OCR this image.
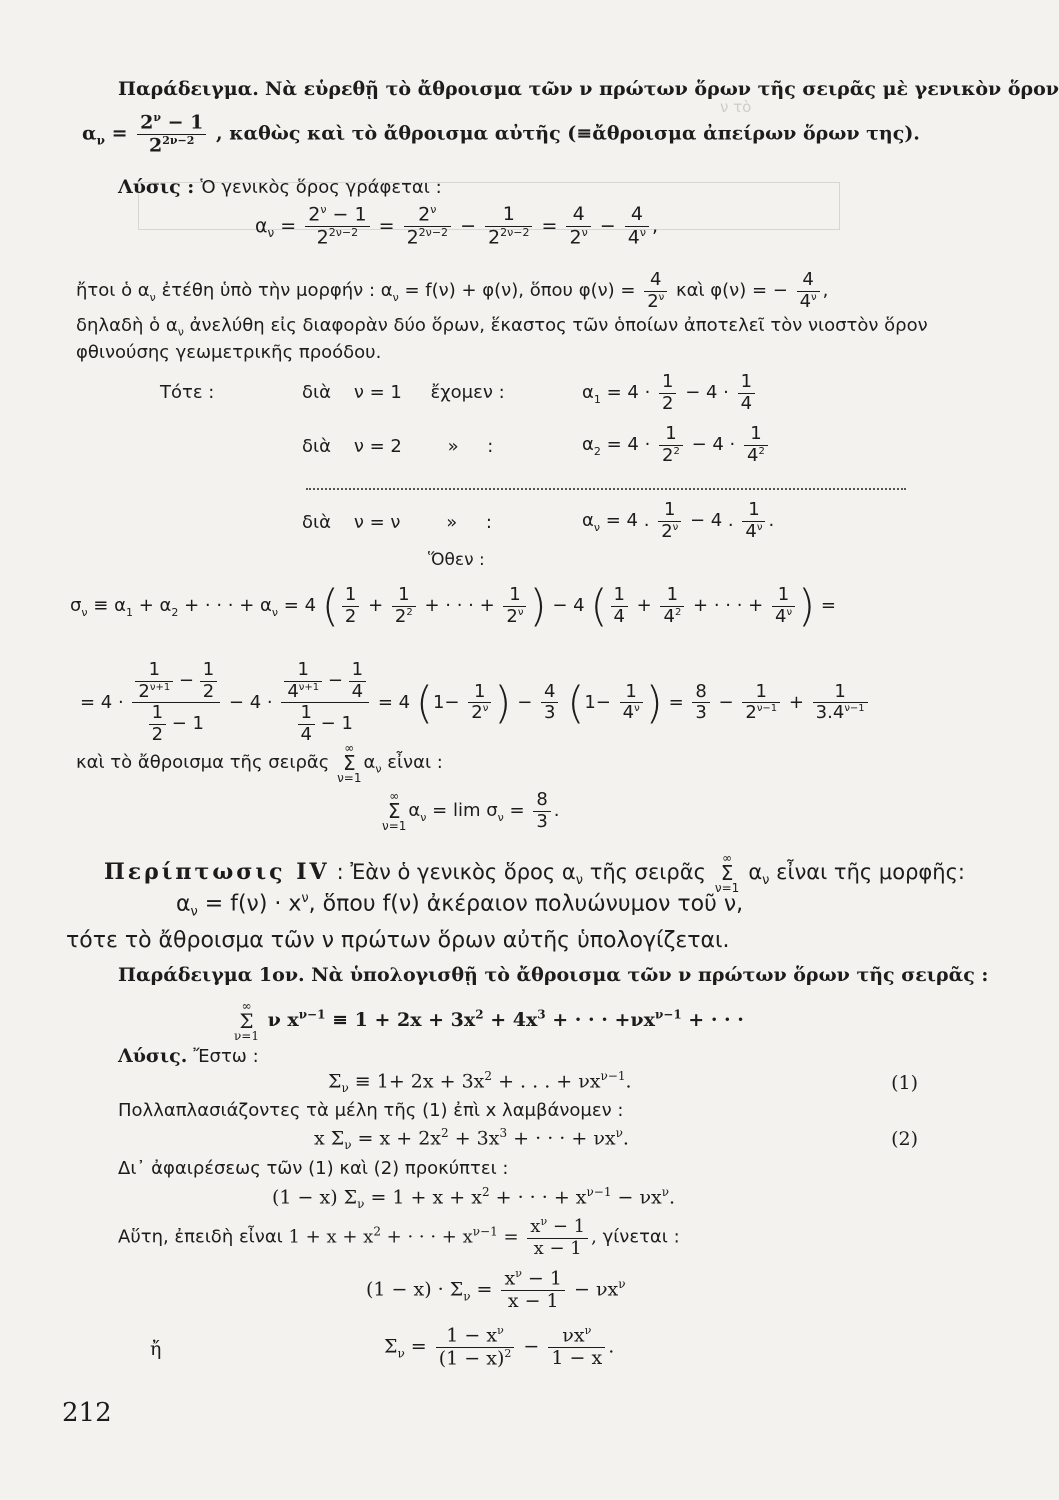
ν τὸ
Παράδειγμα. Νὰ εὑρεθῇ τὸ ἄθροισμα τῶν ν πρώτων ὅρων τῆς σειρᾶς μὲ γενικὸν ὅρον
$\alpha_\nu = \frac{2^\nu - 1}{2^{2\nu-2}}$ , καθὼς καὶ τὸ ἄθροισμα αὐτῆς (≡ἄθροισμα ἀπείρων ὅρων της).
Λύσις : Ὁ γενικὸς ὅρος γράφεται :
$\alpha_\nu = \frac{2^\nu - 1}{2^{2\nu-2}} = \frac{2^\nu}{2^{2\nu-2}} - \frac{1}{2^{2\nu-2}} = \frac{4}{2^\nu} - \frac{4}{4^\nu}$ ,
ἤτοι ὁ $\alpha_\nu$ ἐτέθη ὑπὸ τὴν μορφήν : $\alpha_\nu = f(\nu) + \varphi(\nu)$, ὅπου $\varphi(\nu) = \frac{4}{2^\nu}$ καὶ φ(ν) = − $\frac{4}{4^\nu}$ ,
δηλαδὴ ὁ $\alpha_\nu$ ἀνελύθη εἰς διαφορὰν δύο ὅρων, ἕκαστος τῶν ὁποίων ἀποτελεῖ τὸν νιοστὸν ὅρον
φθινούσης γεωμετρικῆς προόδου.
Τότε :	διὰ    ν = 1     ἔχομεν :	$\alpha_1 = 4 \cdot \frac{1}{2} - 4 \cdot \frac{1}{4}$
διὰ    ν = 2        »     :	$\alpha_2 = 4 \cdot \frac{1}{2^2} - 4 \cdot \frac{1}{4^2}$
διὰ    ν = ν        »     :	$\alpha_\nu = 4$ . $\frac{1}{2^\nu} - 4$ . $\frac{1}{4^\nu}$ .
Ὅθεν :
$\sigma_\nu \equiv \alpha_1 + \alpha_2$ + · · · + $\alpha_\nu = 4$ ( $\frac{1}{2} + \frac{1}{2^2}$ + · · · + $\frac{1}{2^\nu}$ ) − 4 ( $\frac{1}{4} + \frac{1}{4^2}$ + · · · + $\frac{1}{4^\nu}$ ) =
= $4 \cdot \frac{\frac{1}{2^{\nu+1}} - \frac{1}{2}}{\frac{1}{2} - 1} - 4 \cdot \frac{\frac{1}{4^{\nu+1}} - \frac{1}{4}}{\frac{1}{4} - 1} = 4$ ($1- \frac{1}{2^\nu}$ ) − $\frac{4}{3} (1- \frac{1}{4^\nu}$ ) = $\frac{8}{3} - \frac{1}{2^{\nu-1}} + \frac{1}{3.4^{\nu-1}}$
καὶ τὸ ἄθροισμα τῆς σειρᾶς
∞
Σ
ν=1
$\alpha_\nu$ εἶναι :
∞
Σ
ν=1
$\alpha_\nu = \lim \sigma_\nu = \frac{8}{3}$ .
Περίπτωσις IV : Ἐὰν ὁ γενικὸς ὅρος $\alpha_\nu$ τῆς σειρᾶς
∞
Σ
ν=1
$\alpha_\nu$ εἶναι τῆς μορφῆς:
$\alpha_\nu = f(\nu) \cdot x^\nu$, ὅπου f(ν) ἀκέραιον πολυώνυμον τοῦ ν,
τότε τὸ ἄθροισμα τῶν ν πρώτων ὅρων αὐτῆς ὑπολογίζεται.
Παράδειγμα 1ον. Νὰ ὑπολογισθῇ τὸ ἄθροισμα τῶν ν πρώτων ὅρων τῆς σειρᾶς :
∞
Σ
ν=1
ν $x^{\nu-1} \equiv 1 + 2x + 3x^2 + 4x^3$ + · · · $+\nu x^{\nu-1}$ + · · ·
Λύσις. Ἔστω :
$\Sigma_\nu \equiv 1+ 2x + 3x^2$ + . . . + $\nu x^{\nu-1}$.	(1)
Πολλαπλασιάζοντες τὰ μέλη τῆς (1) ἐπὶ x λαμβάνομεν :
x $\Sigma_\nu = x + 2x^2 + 3x^3$ + · · · + $\nu x^\nu$.	(2)
Δι᾽ ἀφαιρέσεως τῶν (1) καὶ (2) προκύπτει :
(1 − x) $\Sigma_\nu = 1 + x + x^2$ + · · · + $x^{\nu-1} - \nu x^\nu$.
Αὕτη, ἐπειδὴ εἶναι $1 + x + x^2$ + · · · + $x^{\nu-1} = \frac{x^\nu - 1}{x - 1}$ , γίνεται :
$(1 - x) \cdot \Sigma_\nu = \frac{x^\nu - 1}{x - 1} - \nu x^\nu$
ἤ	$\Sigma_\nu = \frac{1 - x^\nu}{(1 - x)^2} - \frac{\nu x^\nu}{1 - x}$ .
212
